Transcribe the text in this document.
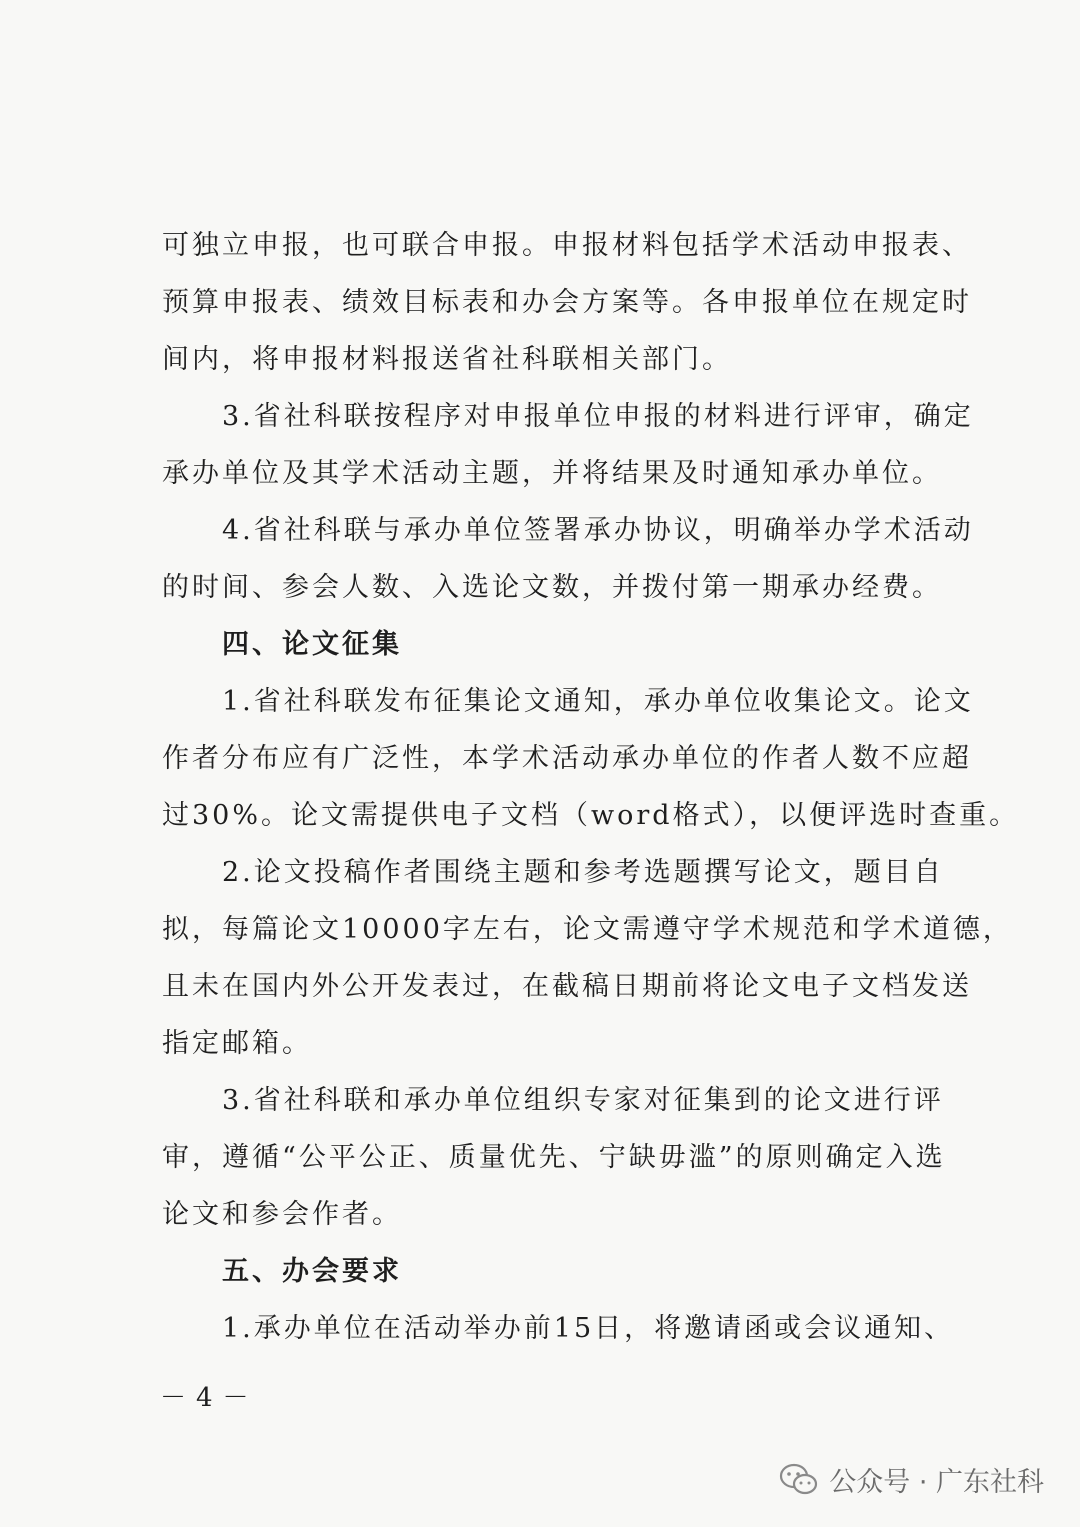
可独立申报，也可联合申报。申报材料包括学术活动申报表、
预算申报表、绩效目标表和办会方案等。各申报单位在规定时
间内，将申报材料报送省社科联相关部门。
3.省社科联按程序对申报单位申报的材料进行评审，确定
承办单位及其学术活动主题，并将结果及时通知承办单位。
4.省社科联与承办单位签署承办协议，明确举办学术活动
的时间、参会人数、入选论文数，并拨付第一期承办经费。
四、论文征集
1.省社科联发布征集论文通知，承办单位收集论文。论文
作者分布应有广泛性，本学术活动承办单位的作者人数不应超
过30%。论文需提供电子文档（word格式），以便评选时查重。
2.论文投稿作者围绕主题和参考选题撰写论文，题目自
拟，每篇论文10000字左右，论文需遵守学术规范和学术道德，
且未在国内外公开发表过，在截稿日期前将论文电子文档发送
指定邮箱。
3.省社科联和承办单位组织专家对征集到的论文进行评
审，遵循“公平公正、质量优先、宁缺毋滥”的原则确定入选
论文和参会作者。
五、办会要求
1.承办单位在活动举办前15日，将邀请函或会议通知、
－4－
公众号 · 广东社科
